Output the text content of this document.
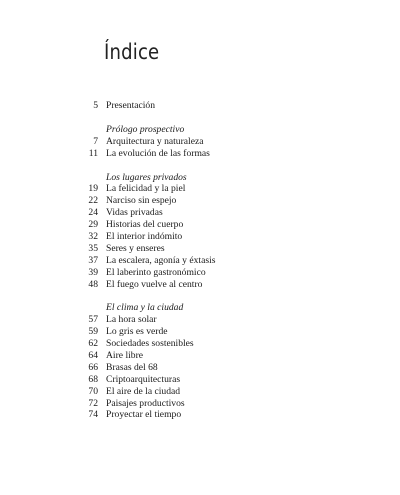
Índice
5 Presentación
Prólogo prospectivo
7 Arquitectura y naturaleza
11 La evolución de las formas
Los lugares privados
19 La felicidad y la piel
22 Narciso sin espejo
24 Vidas privadas
29 Historias del cuerpo
32 El interior indómito
35 Seres y enseres
37 La escalera, agonía y éxtasis
39 El laberinto gastronómico
48 El fuego vuelve al centro
El clima y la ciudad
57 La hora solar
59 Lo gris es verde
62 Sociedades sostenibles
64 Aire libre
66 Brasas del 68
68 Criptoarquitecturas
70 El aire de la ciudad
72 Paisajes productivos
74 Proyectar el tiempo
